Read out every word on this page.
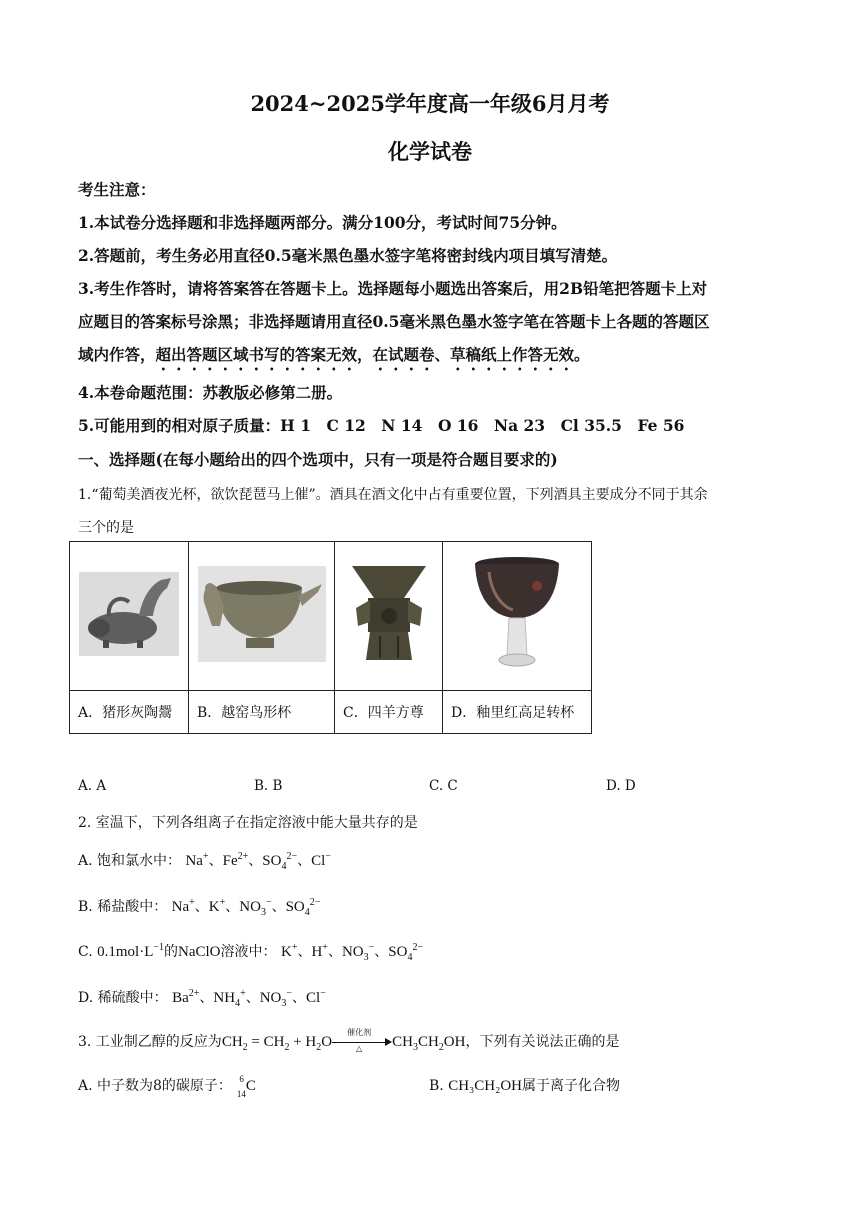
2024~2025学年度高一年级6月月考
化学试卷
考生注意：
1.本试卷分选择题和非选择题两部分。满分100分，考试时间75分钟。
2.答题前，考生务必用直径0.5毫米黑色墨水签字笔将密封线内项目填写清楚。
3.考生作答时，请将答案答在答题卡上。选择题每小题选出答案后，用2B铅笔把答题卡上对
应题目的答案标号涂黑；非选择题请用直径0.5毫米黑色墨水签字笔在答题卡上各题的答题区
域内作答，超出答题区域书写的答案无效，在试题卷、草稿纸上作答无效。
4.本卷命题范围：苏教版必修第二册。
5.可能用到的相对原子质量：H 1　C 12　N 14　O 16　Na 23　Cl 35.5　Fe 56
一、选择题(在每小题给出的四个选项中，只有一项是符合题目要求的)
1.“葡萄美酒夜光杯，欲饮琵琶马上催”。酒具在酒文化中占有重要位置，下列酒具主要成分不同于其余
三个的是

A．猪形灰陶鬶	B．越窑鸟形杯	C．四羊方尊	D．釉里红高足转杯
A. A	B. B	C. C	D. D
2. 室温下，下列各组离子在指定溶液中能大量共存的是
A. 饱和氯水中： Na+、$Fe^{2+}$、$SO_4^{2-}$、Cl−
B. 稀盐酸中： Na+、K+、$NO_3^-$、$SO_4^{2-}$
C. $0.1mol\cdot L^{-1}$的NaClO溶液中： K+、H+、$NO_3^-$、$SO_4^{2-}$
D. 稀硫酸中： $Ba^{2+}$、$NH_4^+$、$NO_3^-$、Cl−
3. 工业制乙醇的反应为$CH_2 = CH_2 + H_2O$
催化剂
△	$CH_3CH_2OH$，下列有关说法正确的是
A. 中子数为8的碳原子： 6
14 C	B. CH₃CH₂OH属于离子化合物
